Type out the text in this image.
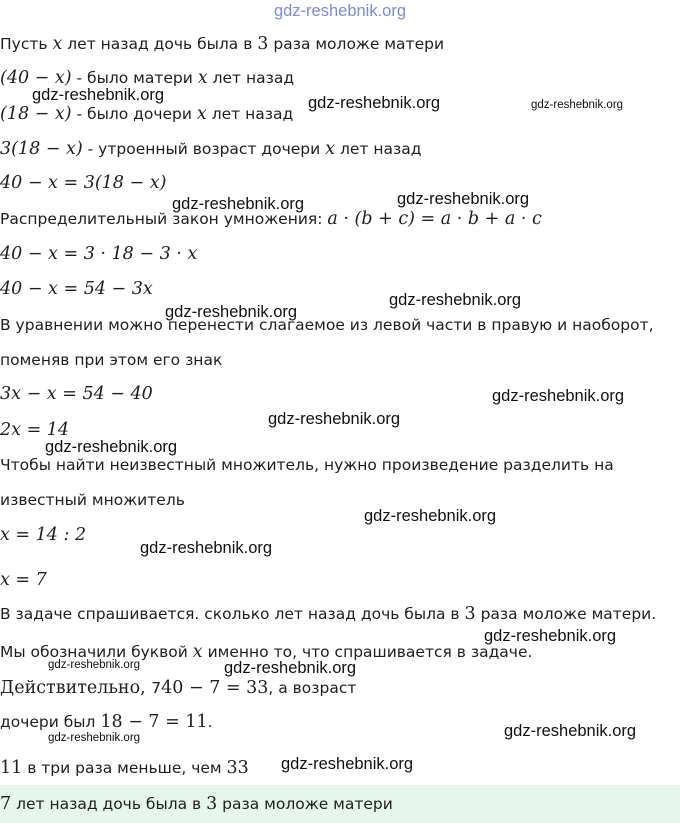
gdz-reshebnik.org
Пусть x лет назад дочь была в 3 раза моложе матери
(40 − x) - было матери x лет назад
(18 − x) - было дочери x лет назад
3(18 − x) - утроенный возраст дочери x лет назад
40 − x = 3(18 − x)
Распределительный закон умножения: a · (b + c) = a · b + a · c
40 − x = 3 · 18 − 3 · x
40 − x = 54 − 3x
В уравнении можно перенести слагаемое из левой части в правую и наоборот,
поменяв при этом его знак
3x − x = 54 − 40
2x = 14
Чтобы найти неизвестный множитель, нужно произведение разделить на
известный множитель
x = 14 : 2
x = 7
В задаче спрашивается. сколько лет назад дочь была в 3 раза моложе матери.
Мы обозначили буквой x именно то, что спрашивается в задаче.
Действительно, 740 − 7 = 33, а возраст
дочери был 18 − 7 = 11.
11 в три раза меньше, чем 33
7 лет назад дочь была в 3 раза моложе матери
gdz-reshebnik.org	gdz-reshebnik.org	gdz-reshebnik.org
gdz-reshebnik.org	gdz-reshebnik.org
gdz-reshebnik.org
gdz-reshebnik.org
gdz-reshebnik.org
gdz-reshebnik.org
gdz-reshebnik.org
gdz-reshebnik.org
gdz-reshebnik.org
gdz-reshebnik.org
gdz-reshebnik.org	gdz-reshebnik.org
gdz-reshebnik.org
gdz-reshebnik.org
gdz-reshebnik.org
